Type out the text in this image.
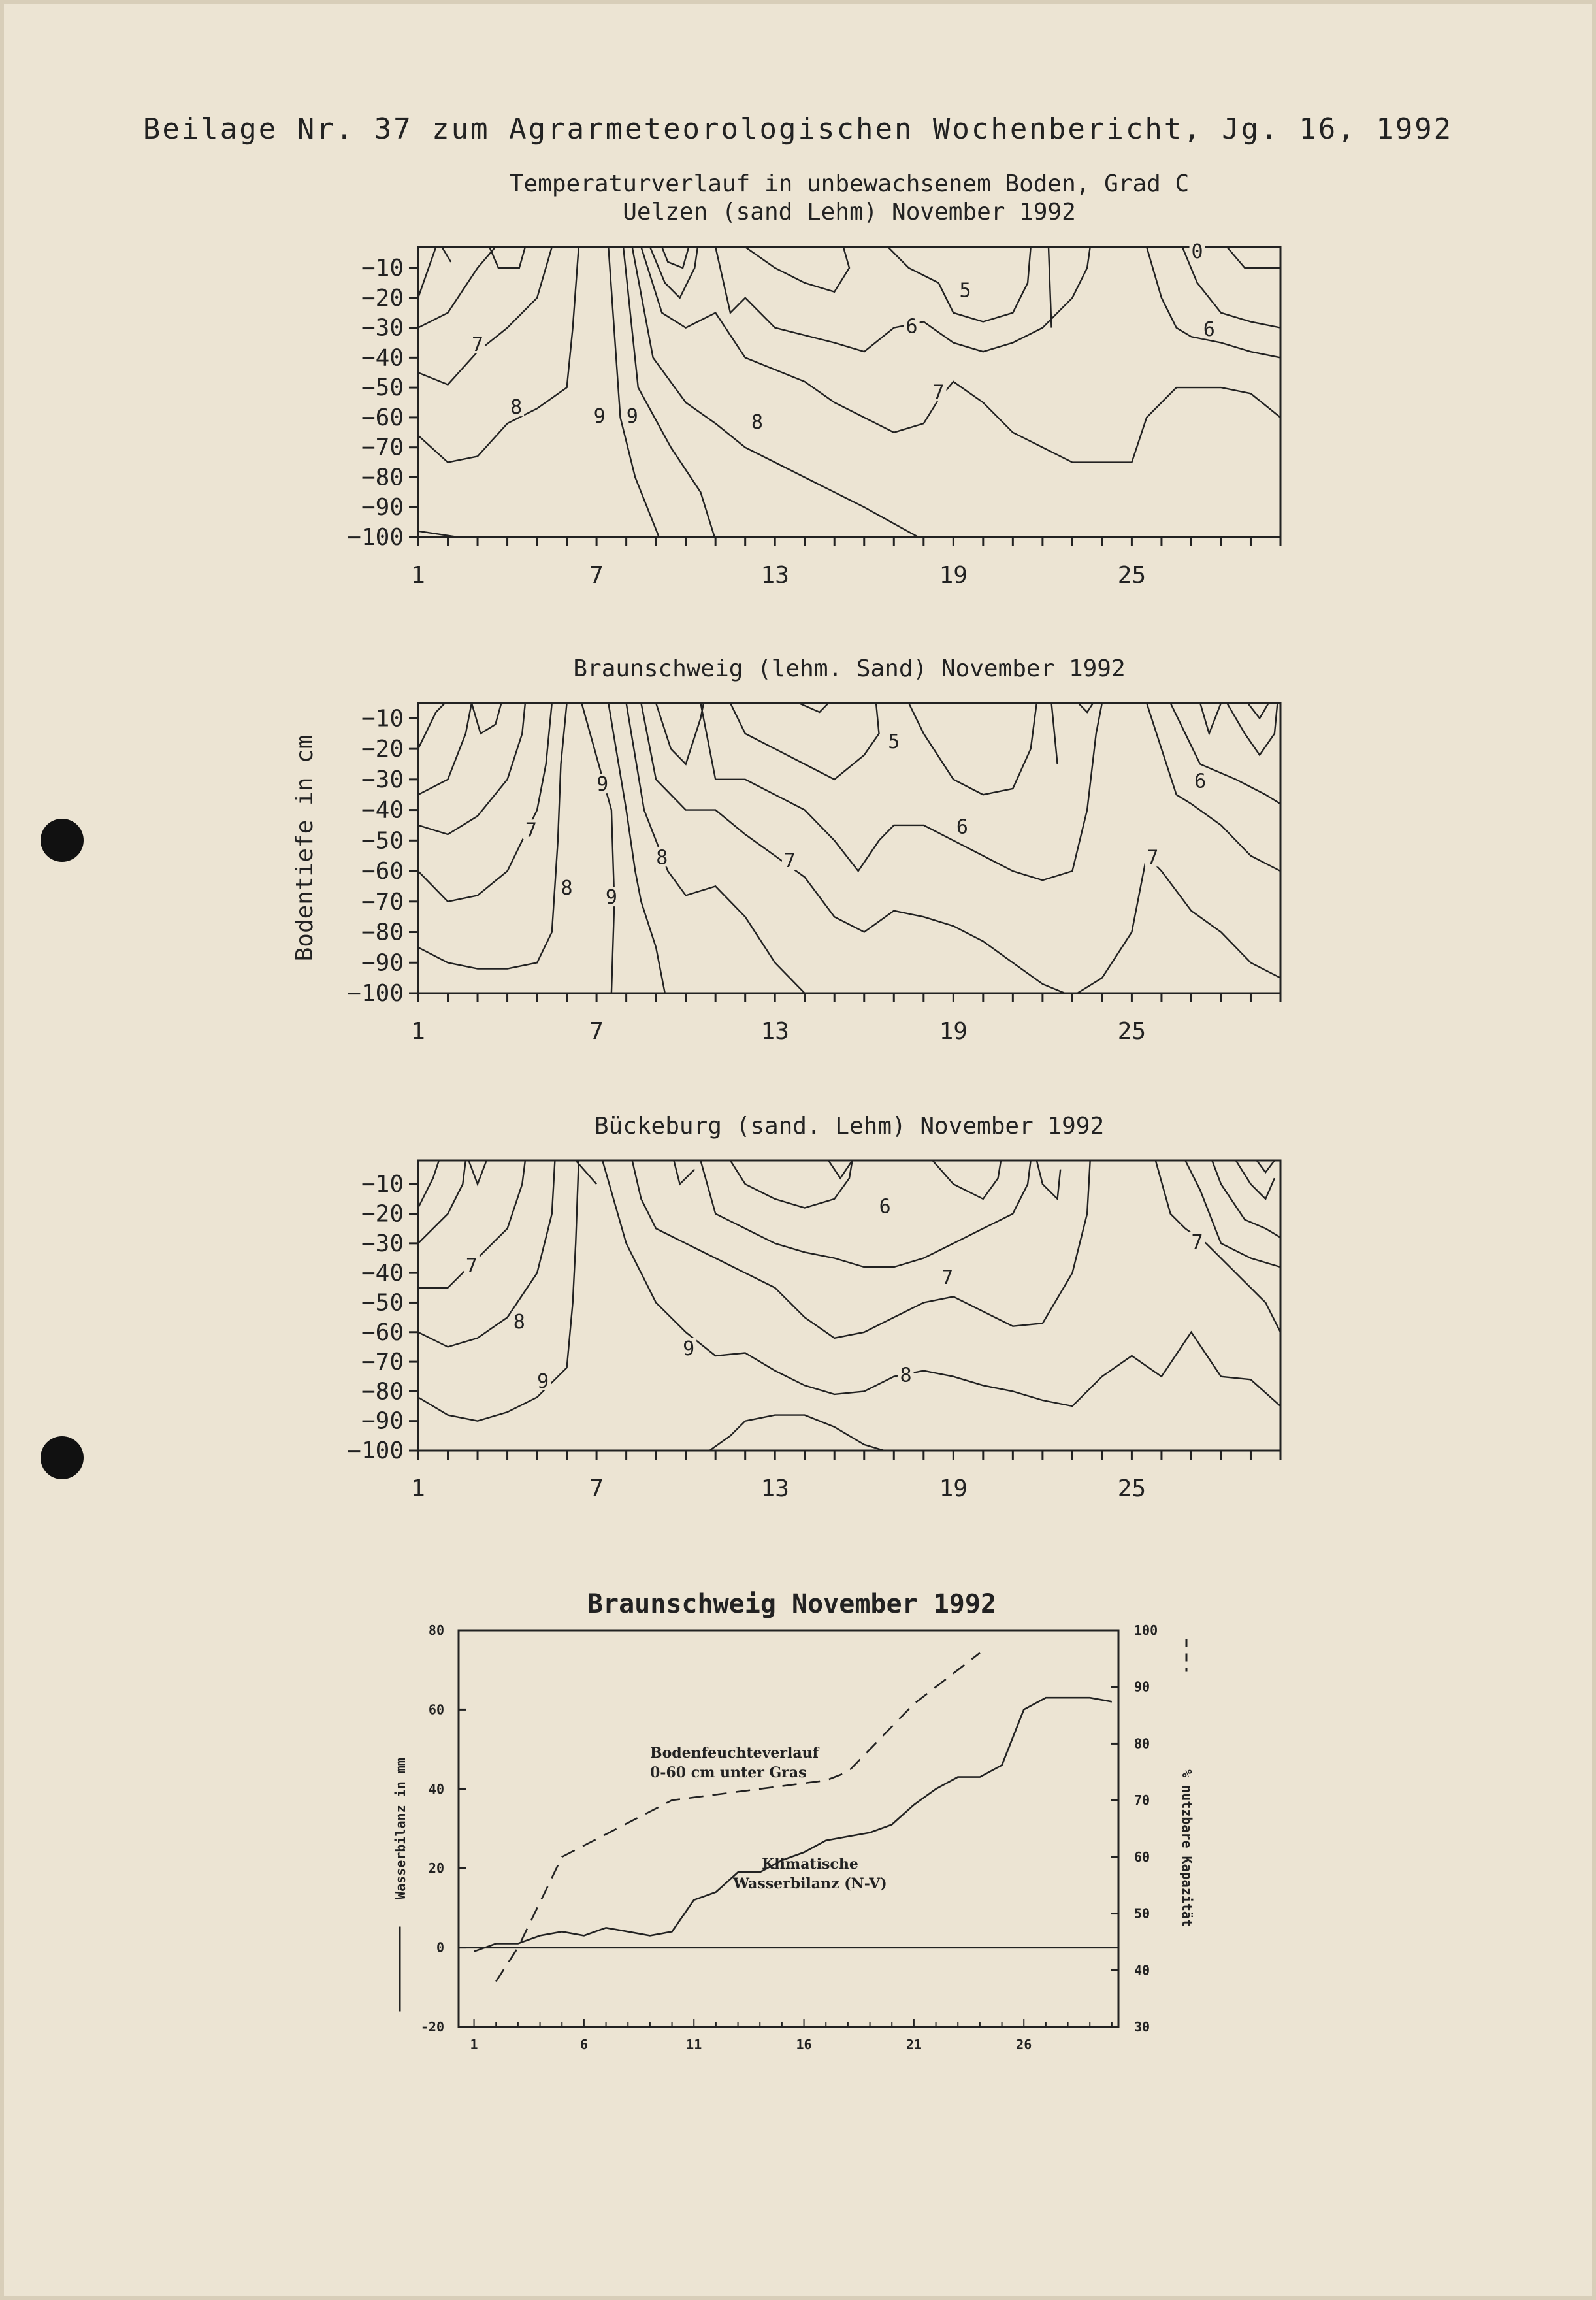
Beilage Nr. 37 zum Agrarmeteorologischen Wochenbericht, Jg. 16, 1992
Temperaturverlauf in unbewachsenem Boden, Grad C
Uelzen (sand Lehm) November 1992
−10
−20
−30
−40
−50
−60
−70
−80
−90
−100
1	7	13	19	25
7
8	9 9	8
6
5
7
6
0
Braunschweig (lehm. Sand) November 1992
−10
−20
−30
−40
−50
−60
−70
−80
−90
−100
1	7	13	19	25
Bodentiefe in cm	7
8
9
9
8	7
5
6
7
6
Bückeburg (sand. Lehm) November 1992
−10
−20
−30
−40
−50
−60
−70
−80
−90
−100
1	7	13	19	25
7
8
9
9
8
6
7
7
Braunschweig November 1992
80
60
40
20
0
-20
100
90
80
70
60
50
40
30
1	6	11	16	21	26
Wasserbilanz in mm	% nutzbare Kapazität
Bodenfeuchteverlauf
0-60 cm unter Gras
Klimatische
Wasserbilanz (N-V)
